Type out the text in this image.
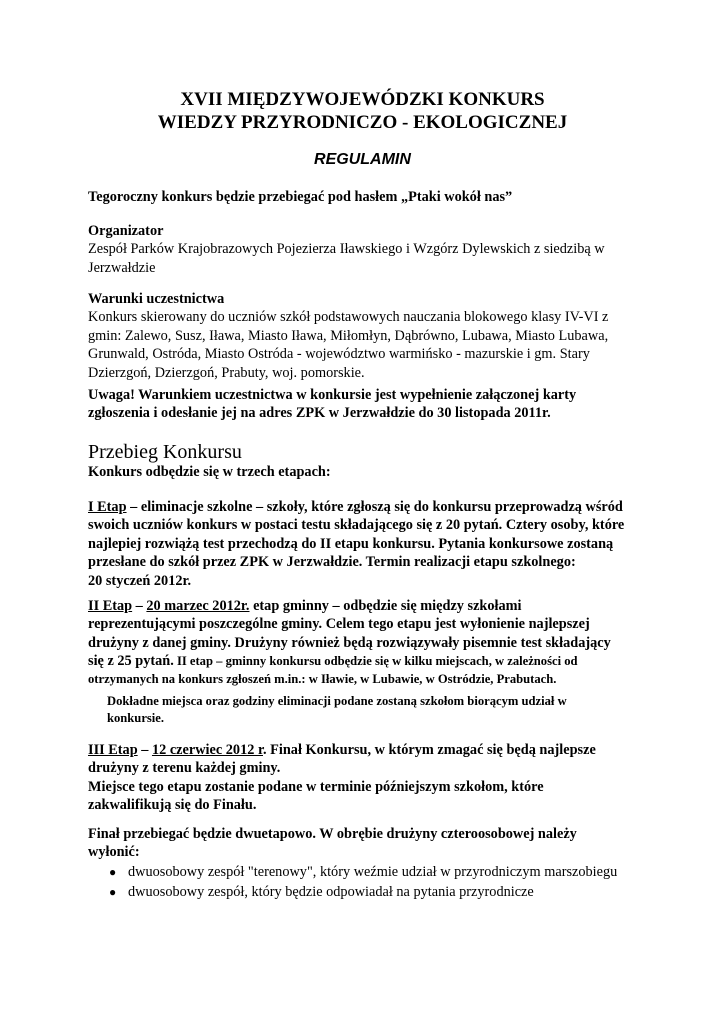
XVII MIĘDZYWOJEWÓDZKI KONKURS
WIEDZY PRZYRODNICZO - EKOLOGICZNEJ
REGULAMIN
Tegoroczny konkurs będzie przebiegać pod hasłem „Ptaki wokół nas”
Organizator
Zespół Parków Krajobrazowych Pojezierza Iławskiego i Wzgórz Dylewskich z siedzibą w
Jerzwałdzie
Warunki uczestnictwa
Konkurs skierowany do uczniów szkół podstawowych nauczania blokowego klasy IV-VI z
gmin: Zalewo, Susz, Iława, Miasto Iława, Miłomłyn, Dąbrówno, Lubawa, Miasto Lubawa,
Grunwald, Ostróda, Miasto Ostróda - województwo warmińsko - mazurskie i gm. Stary
Dzierzgoń, Dzierzgoń, Prabuty, woj. pomorskie.
Uwaga! Warunkiem uczestnictwa w konkursie jest wypełnienie załączonej karty
zgłoszenia i odesłanie jej na adres ZPK w Jerzwałdzie do 30 listopada 2011r.
Przebieg Konkursu
Konkurs odbędzie się w trzech etapach:
I Etap – eliminacje szkolne – szkoły, które zgłoszą się do konkursu przeprowadzą wśród
swoich uczniów konkurs w postaci testu składającego się z 20 pytań. Cztery osoby, które
najlepiej rozwiążą test przechodzą do II etapu konkursu. Pytania konkursowe zostaną
przesłane do szkół przez ZPK w Jerzwałdzie. Termin realizacji etapu szkolnego:
20 styczeń 2012r.
II Etap – 20 marzec 2012r. etap gminny – odbędzie się między szkołami
reprezentującymi poszczególne gminy. Celem tego etapu jest wyłonienie najlepszej
drużyny z danej gminy. Drużyny również będą rozwiązywały pisemnie test składający
się z 25 pytań. II etap – gminny konkursu odbędzie się w kilku miejscach, w zależności od
otrzymanych na konkurs zgłoszeń m.in.: w Iławie, w Lubawie, w Ostródzie, Prabutach.
Dokładne miejsca oraz godziny eliminacji podane zostaną szkołom biorącym udział w
konkursie.
III Etap – 12 czerwiec 2012 r. Finał Konkursu, w którym zmagać się będą najlepsze
drużyny z terenu każdej gminy.
Miejsce tego etapu zostanie podane w terminie późniejszym szkołom, które
zakwalifikują się do Finału.
Finał przebiegać będzie dwuetapowo. W obrębie drużyny czteroosobowej należy
wyłonić:
● dwuosobowy zespół "terenowy", który weźmie udział w przyrodniczym marszobiegu
● dwuosobowy zespół, który będzie odpowiadał na pytania przyrodnicze
